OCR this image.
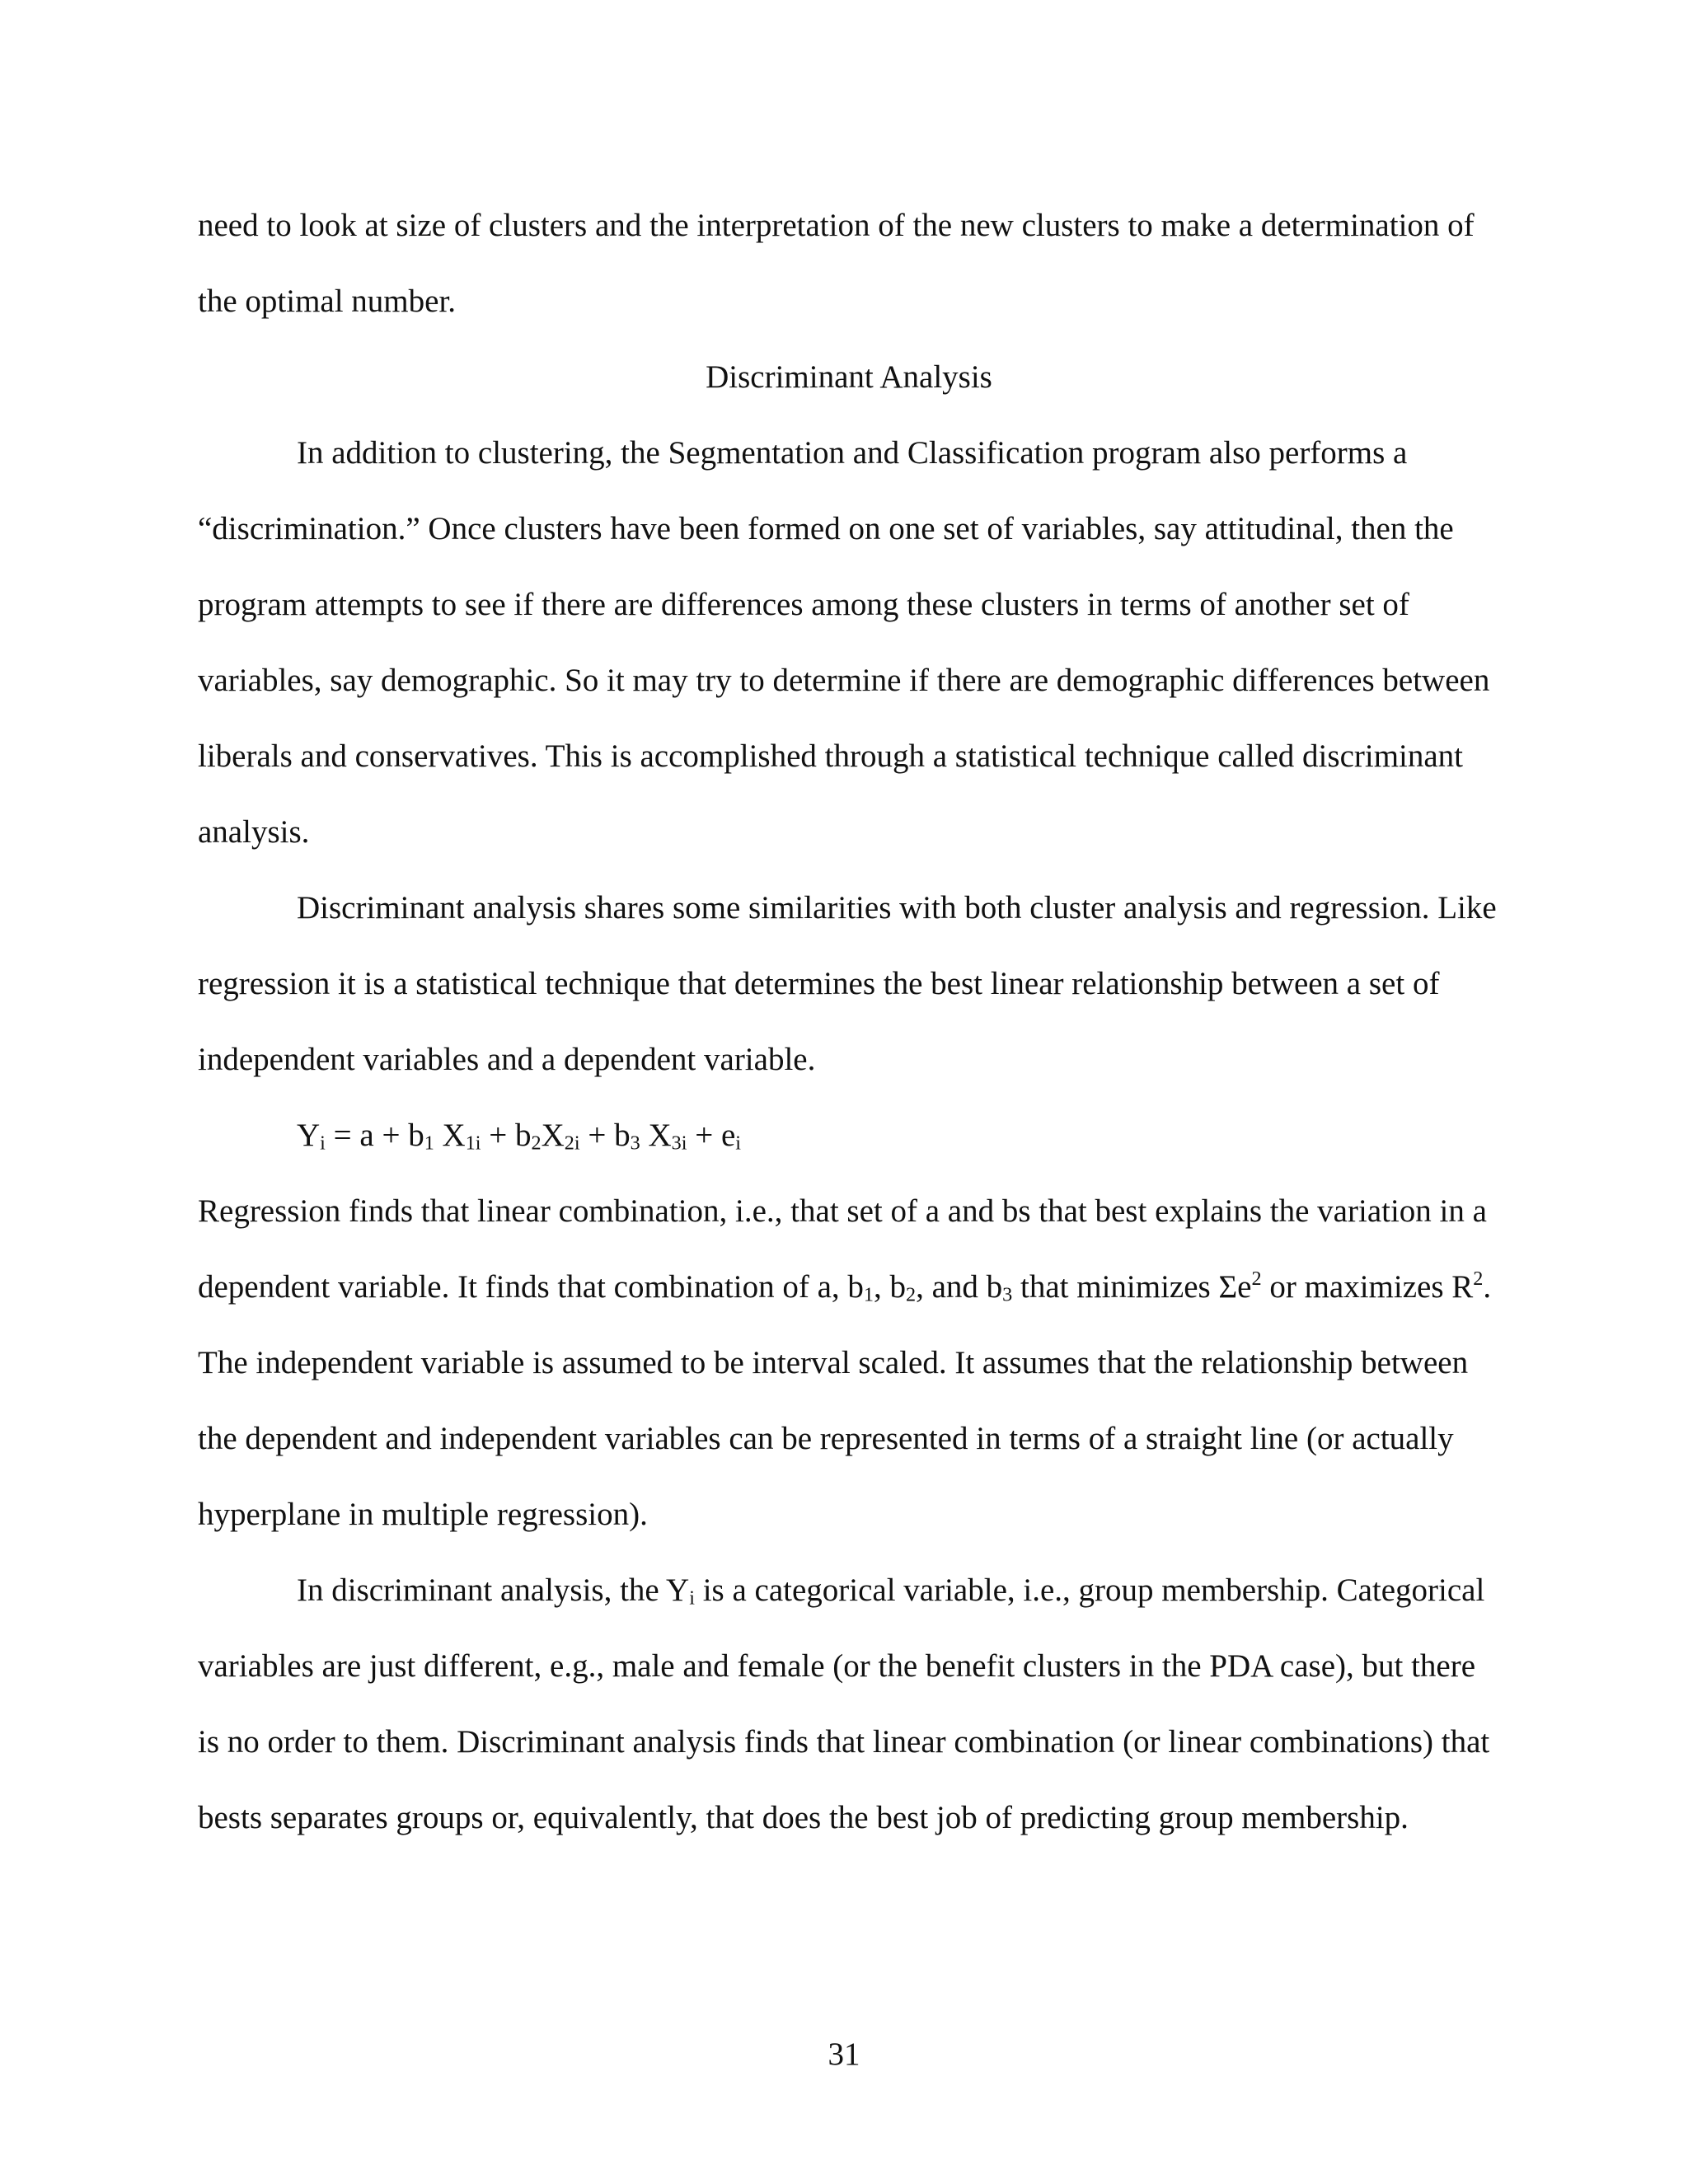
need to look at size of clusters and the interpretation of the new clusters to make a determination of the optimal number.

Discriminant Analysis

In addition to clustering, the Segmentation and Classification program also performs a “discrimination.” Once clusters have been formed on one set of variables, say attitudinal, then the program attempts to see if there are differences among these clusters in terms of another set of variables, say demographic. So it may try to determine if there are demographic differences between liberals and conservatives. This is accomplished through a statistical technique called discriminant analysis.

Discriminant analysis shares some similarities with both cluster analysis and regression. Like regression it is a statistical technique that determines the best linear relationship between a set of independent variables and a dependent variable.

$Y_i = a + b_1$ $X_{1i} + b_2X_{2i} + b_3$ $X_{3i} + e_i$

Regression finds that linear combination, i.e., that set of a and bs that best explains the variation in a dependent variable. It finds that combination of a, $b_1$, $b_2$, and $b_3$ that minimizes $\Sigma e^2$ or maximizes $R^2$. The independent variable is assumed to be interval scaled. It assumes that the relationship between the dependent and independent variables can be represented in terms of a straight line (or actually hyperplane in multiple regression).

In discriminant analysis, the $Y_i$ is a categorical variable, i.e., group membership. Categorical variables are just different, e.g., male and female (or the benefit clusters in the PDA case), but there is no order to them. Discriminant analysis finds that linear combination (or linear combinations) that bests separates groups or, equivalently, that does the best job of predicting group membership.

31
